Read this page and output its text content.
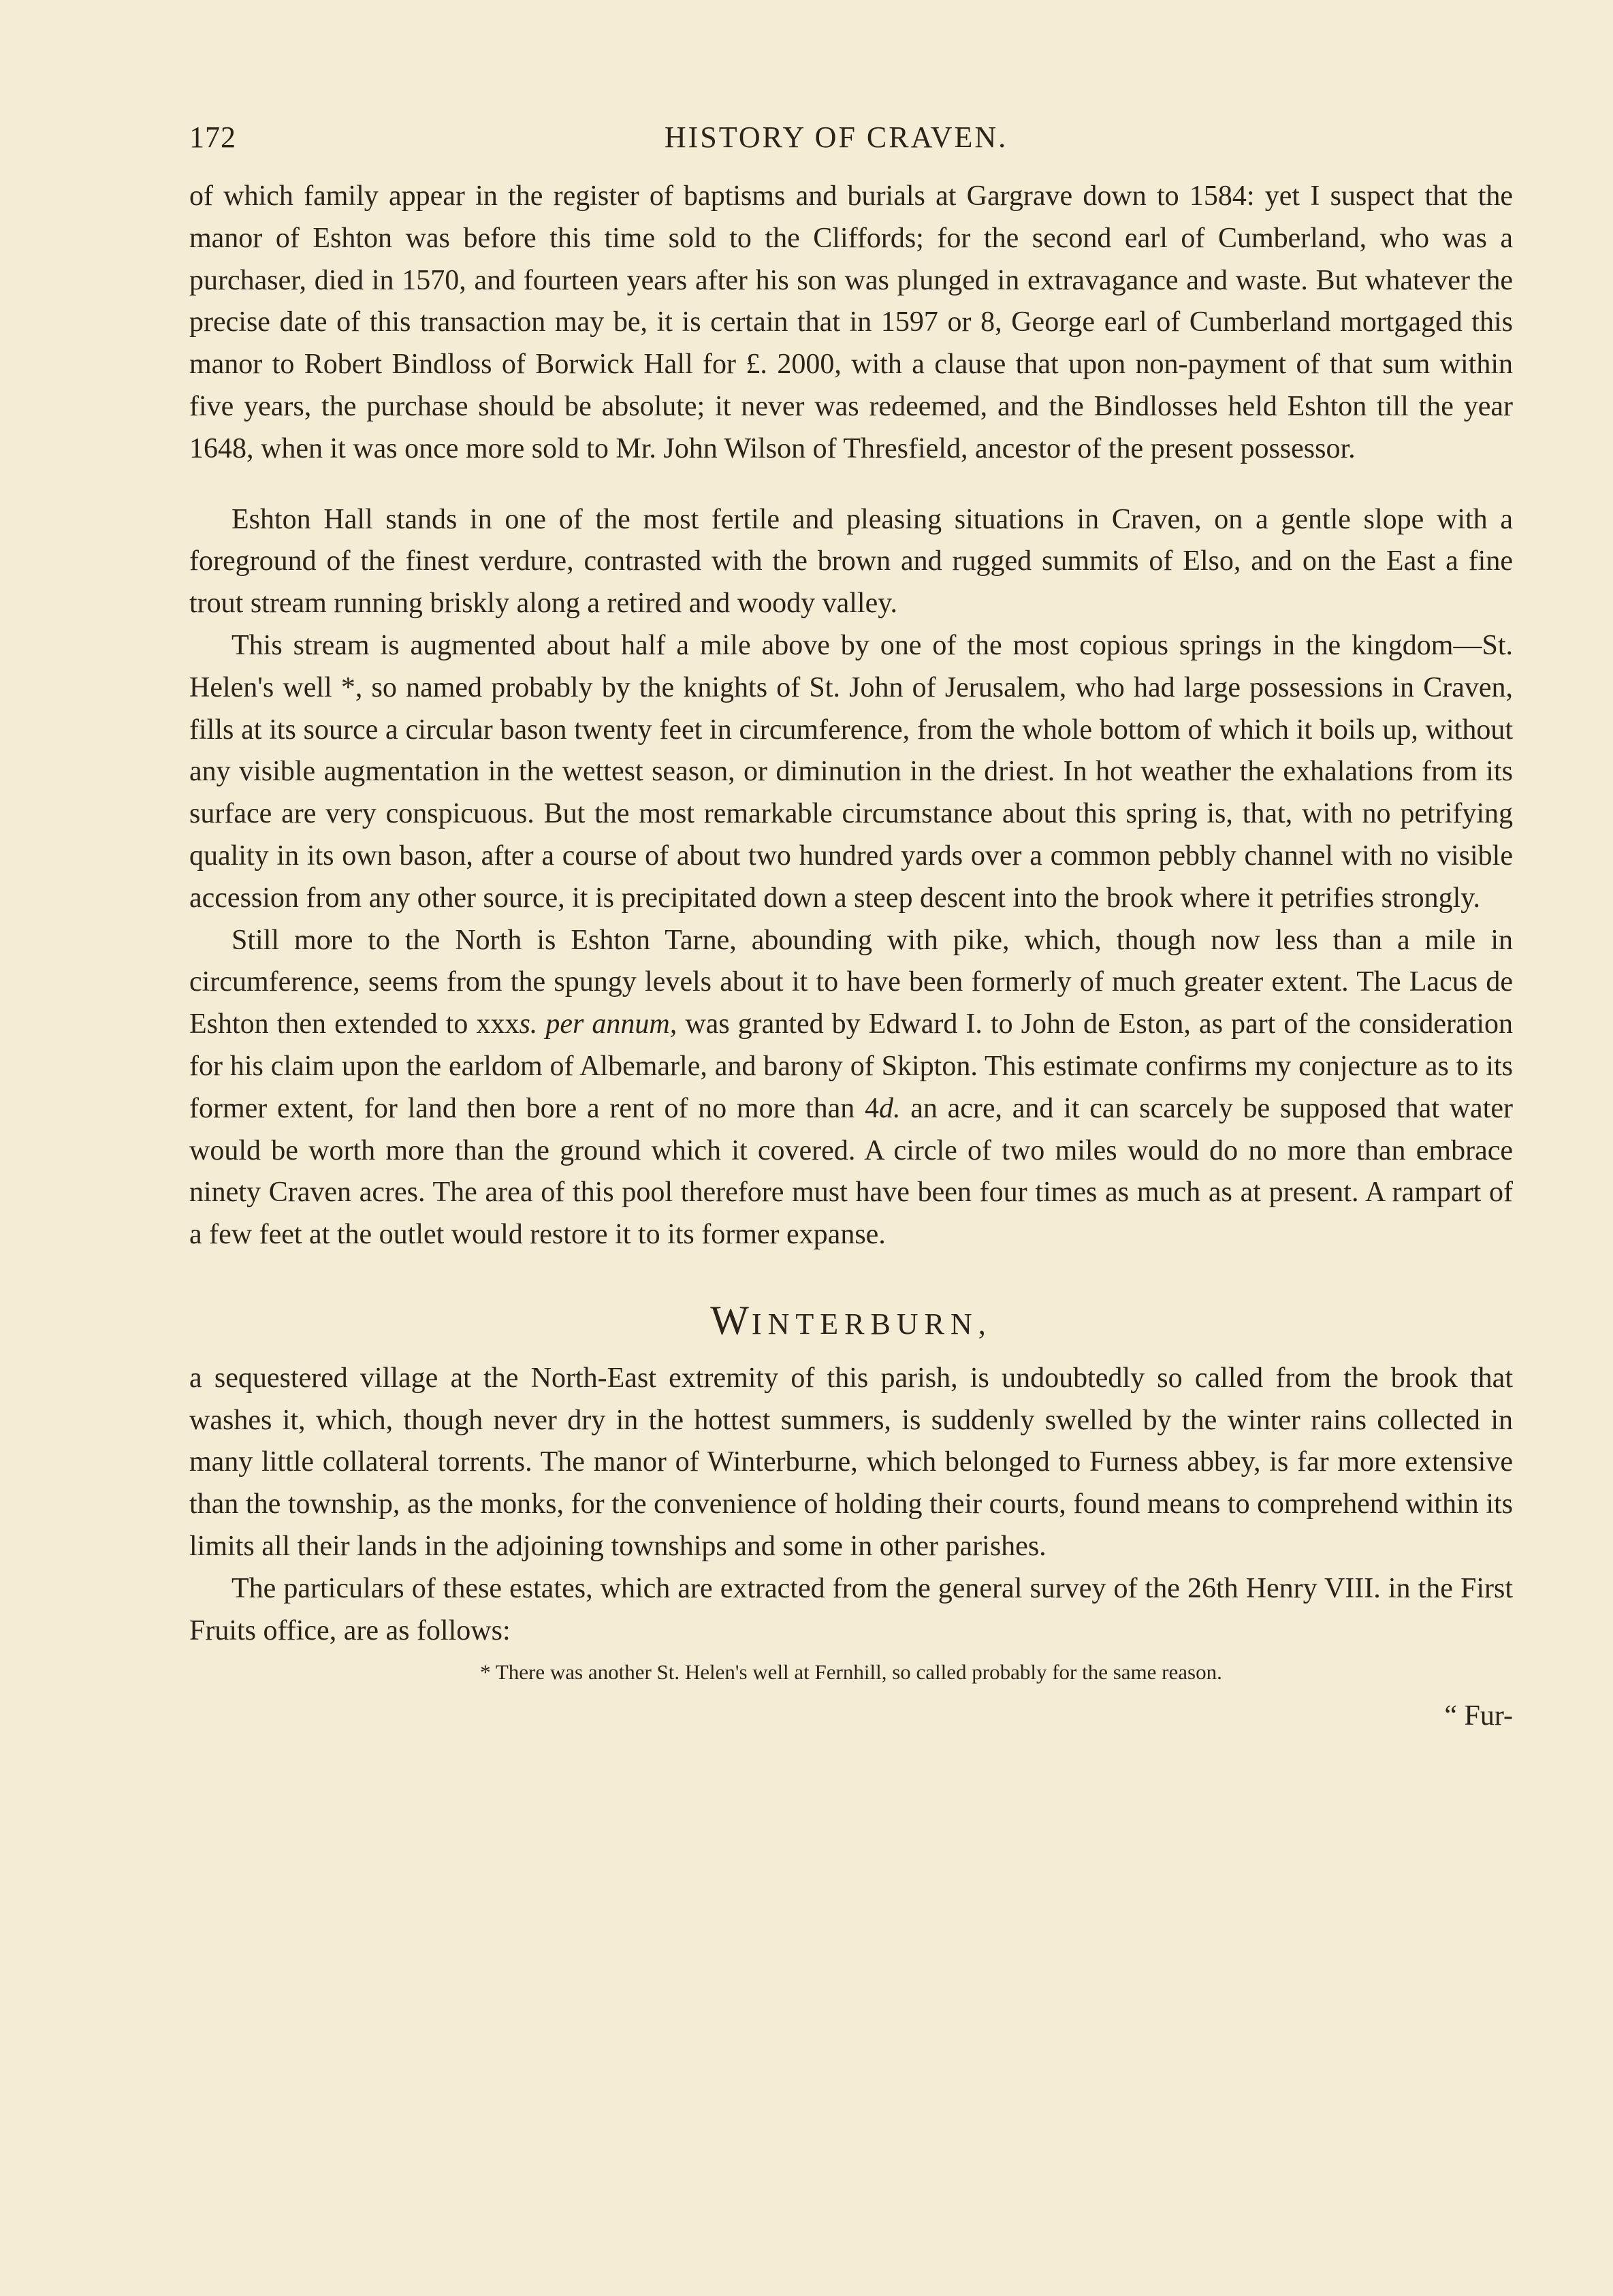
172	HISTORY OF CRAVEN.

of which family appear in the register of baptisms and burials at Gargrave down to 1584: yet I suspect that the manor of Eshton was before this time sold to the Cliffords; for the second earl of Cumberland, who was a purchaser, died in 1570, and fourteen years after his son was plunged in extravagance and waste. But whatever the precise date of this transaction may be, it is certain that in 1597 or 8, George earl of Cumberland mortgaged this manor to Robert Bindloss of Borwick Hall for £. 2000, with a clause that upon non-payment of that sum within five years, the purchase should be absolute; it never was redeemed, and the Bindlosses held Eshton till the year 1648, when it was once more sold to Mr. John Wilson of Thresfield, ancestor of the present possessor.

Eshton Hall stands in one of the most fertile and pleasing situations in Craven, on a gentle slope with a foreground of the finest verdure, contrasted with the brown and rugged summits of Elso, and on the East a fine trout stream running briskly along a retired and woody valley.

This stream is augmented about half a mile above by one of the most copious springs in the kingdom—St. Helen's well *, so named probably by the knights of St. John of Jerusalem, who had large possessions in Craven, fills at its source a circular bason twenty feet in circumference, from the whole bottom of which it boils up, without any visible augmentation in the wettest season, or diminution in the driest. In hot weather the exhalations from its surface are very conspicuous. But the most remarkable circumstance about this spring is, that, with no petrifying quality in its own bason, after a course of about two hundred yards over a common pebbly channel with no visible accession from any other source, it is precipitated down a steep descent into the brook where it petrifies strongly.

Still more to the North is Eshton Tarne, abounding with pike, which, though now less than a mile in circumference, seems from the spungy levels about it to have been formerly of much greater extent. The Lacus de Eshton then extended to xxxs. per annum, was granted by Edward I. to John de Eston, as part of the consideration for his claim upon the earldom of Albemarle, and barony of Skipton. This estimate confirms my conjecture as to its former extent, for land then bore a rent of no more than 4d. an acre, and it can scarcely be supposed that water would be worth more than the ground which it covered. A circle of two miles would do no more than embrace ninety Craven acres. The area of this pool therefore must have been four times as much as at present. A rampart of a few feet at the outlet would restore it to its former expanse.

WINTERBURN,

a sequestered village at the North-East extremity of this parish, is undoubtedly so called from the brook that washes it, which, though never dry in the hottest summers, is suddenly swelled by the winter rains collected in many little collateral torrents. The manor of Winterburne, which belonged to Furness abbey, is far more extensive than the township, as the monks, for the convenience of holding their courts, found means to comprehend within its limits all their lands in the adjoining townships and some in other parishes.

The particulars of these estates, which are extracted from the general survey of the 26th Henry VIII. in the First Fruits office, are as follows:

* There was another St. Helen's well at Fernhill, so called probably for the same reason.

“ Fur-
